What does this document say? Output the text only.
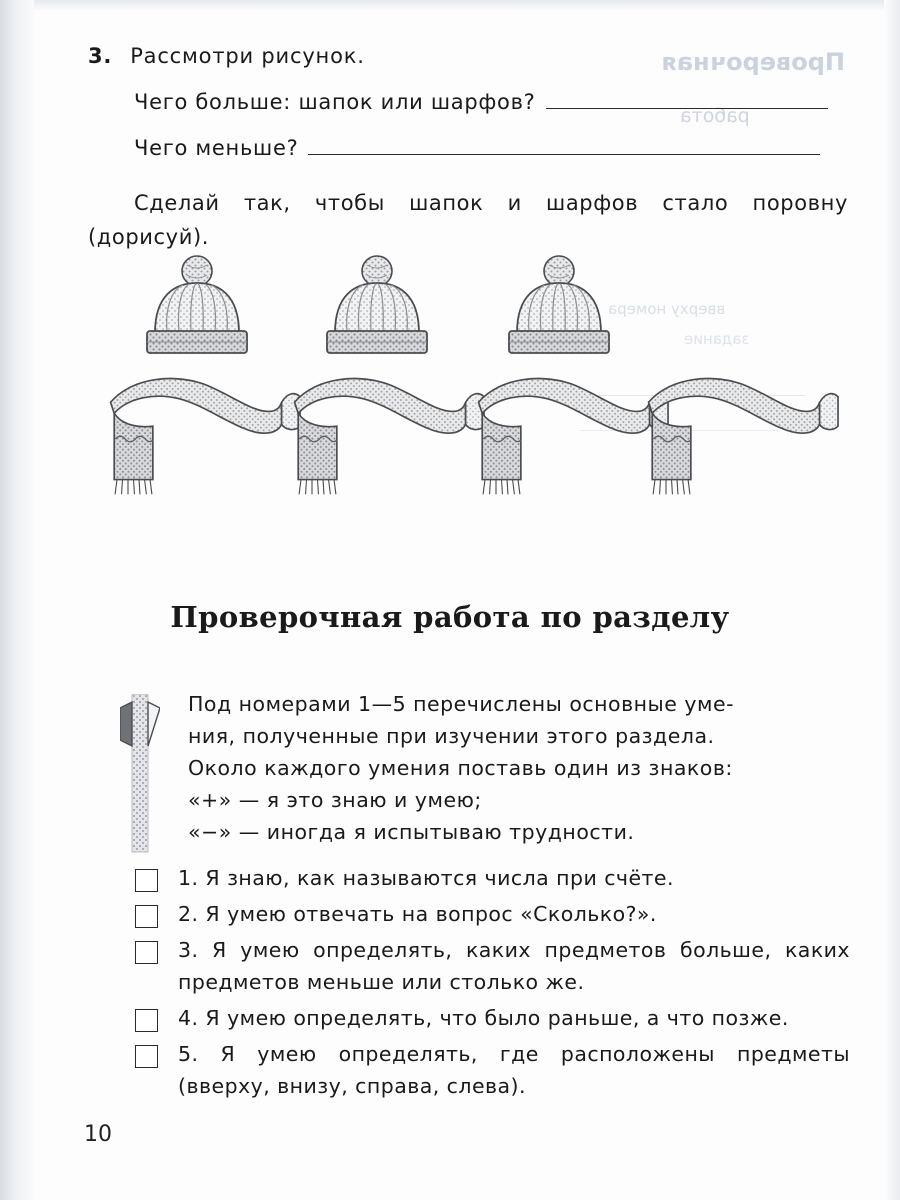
Проверочная
работа
вверху номера
задание
3. Рассмотри рисунок.
Чего больше: шапок или шарфов?
Чего меньше?
Сделай так, чтобы шапок и шарфов стало поровну (дорисуй).
Проверочная работа по разделу
Под номерами 1—5 перечислены основные уме-
ния, полученные при изучении этого раздела.
Около каждого умения поставь один из знаков:
«+» — я это знаю и умею;
«−» — иногда я испытываю трудности.
1. Я знаю, как называются числа при счёте.
2. Я умею отвечать на вопрос «Сколько?».
3. Я умею определять, каких предметов больше, каких предметов меньше или столько же.
4. Я умею определять, что было раньше, а что позже.
5. Я умею определять, где расположены предметы (вверху, внизу, справа, слева).
10
